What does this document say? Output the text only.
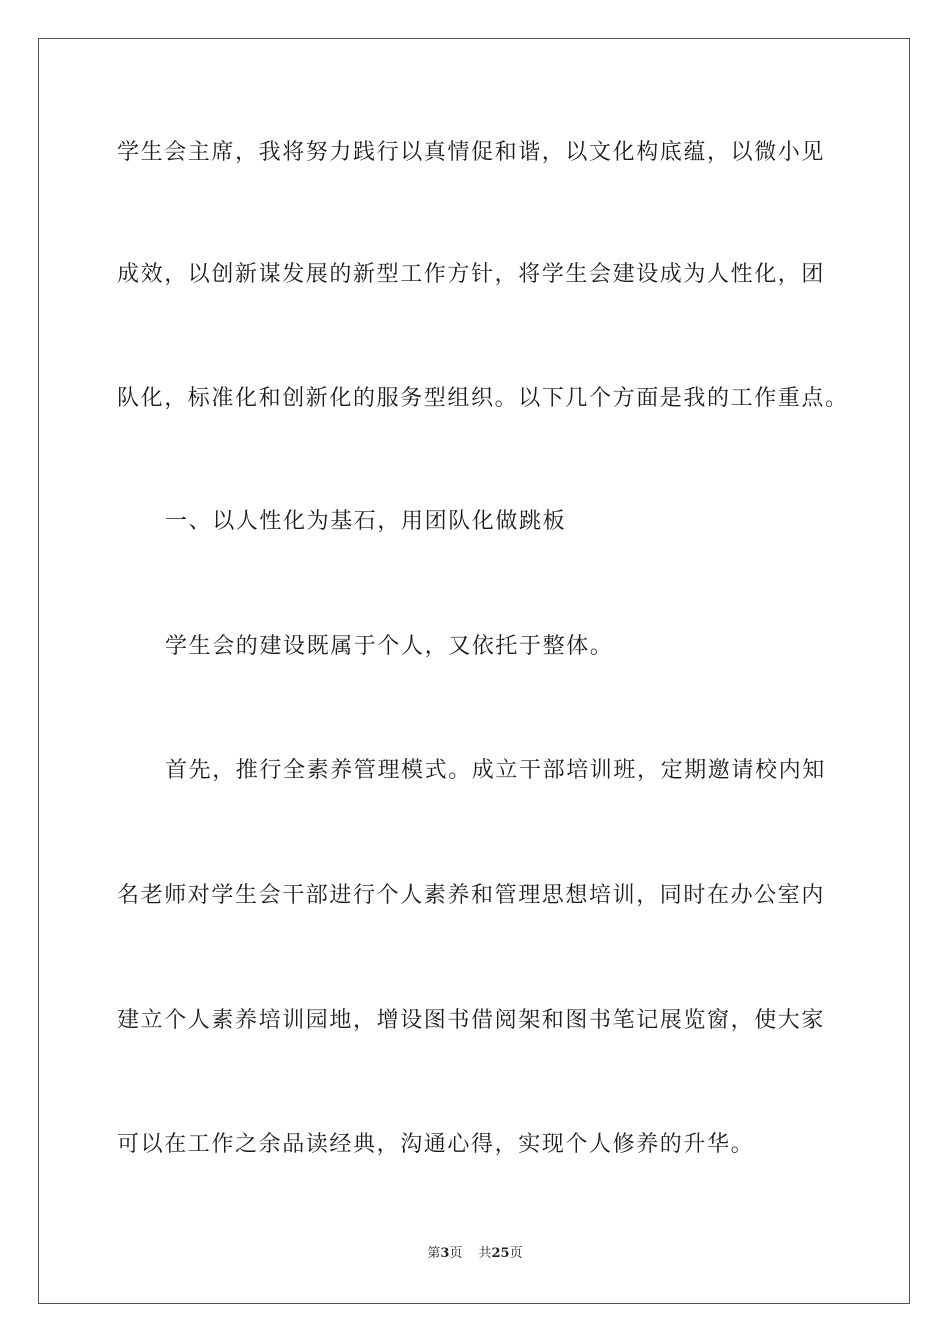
学生会主席，我将努力践行以真情促和谐，以文化构底蕴，以微小见
成效，以创新谋发展的新型工作方针，将学生会建设成为人性化，团
队化，标准化和创新化的服务型组织。以下几个方面是我的工作重点。
一、以人性化为基石，用团队化做跳板
学生会的建设既属于个人，又依托于整体。
首先，推行全素养管理模式。成立干部培训班，定期邀请校内知
名老师对学生会干部进行个人素养和管理思想培训，同时在办公室内
建立个人素养培训园地，增设图书借阅架和图书笔记展览窗，使大家
可以在工作之余品读经典，沟通心得，实现个人修养的升华。
第3页 共25页
